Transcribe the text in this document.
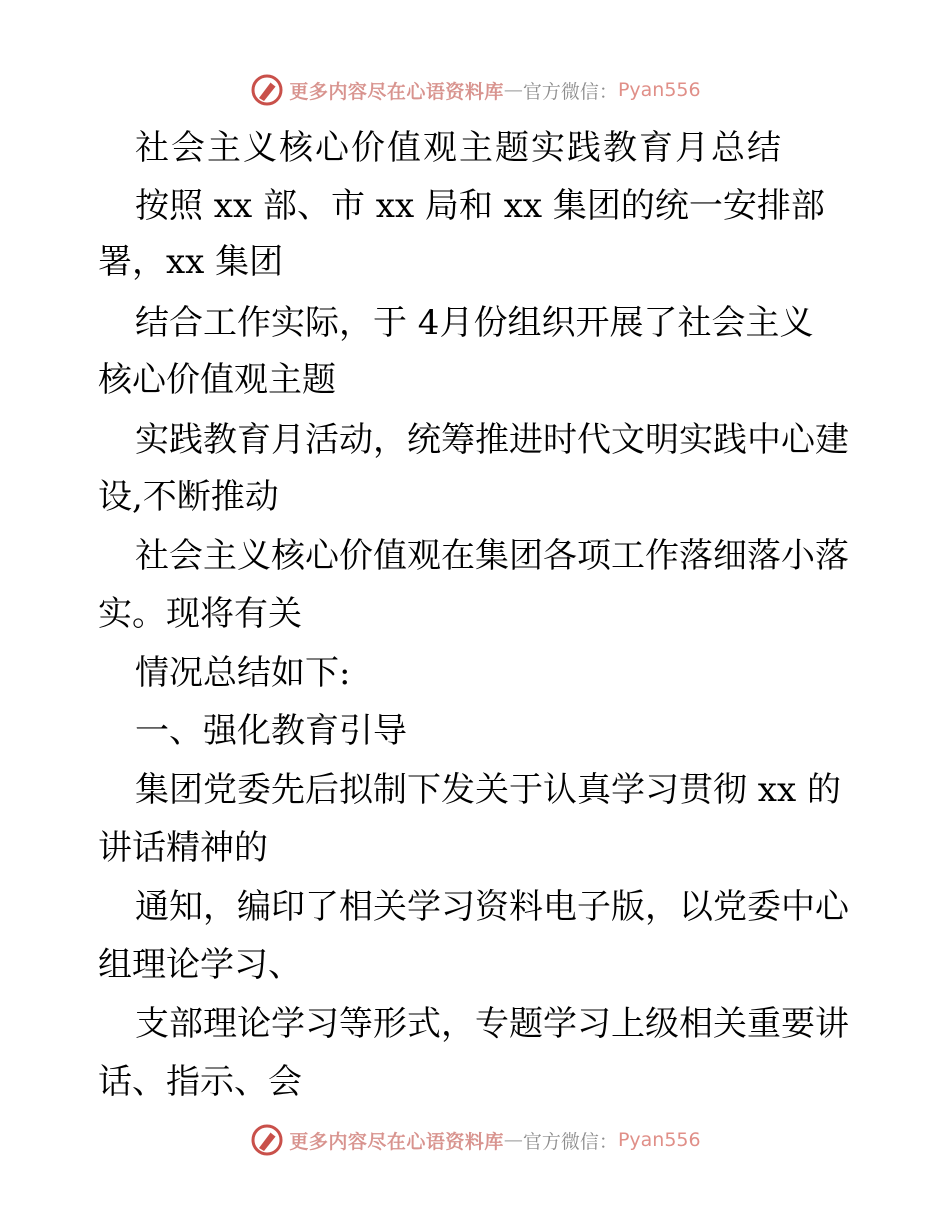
更多内容尽在心语资料库 — 官方微信： Pyan556
社会主义核心价值观主题实践教育月总结
按照 xx 部、市 xx 局和 xx 集团的统一安排部
署，xx 集团
结合工作实际，于 4月份组织开展了社会主义
核心价值观主题
实践教育月活动，统筹推进时代文明实践中心建
设,不断推动
社会主义核心价值观在集团各项工作落细落小落
实。现将有关
情况总结如下:
一、强化教育引导
集团党委先后拟制下发关于认真学习贯彻 xx 的
讲话精神的
通知，编印了相关学习资料电子版，以党委中心
组理论学习、
支部理论学习等形式，专题学习上级相关重要讲
话、指示、会
更多内容尽在心语资料库 — 官方微信： Pyan556
